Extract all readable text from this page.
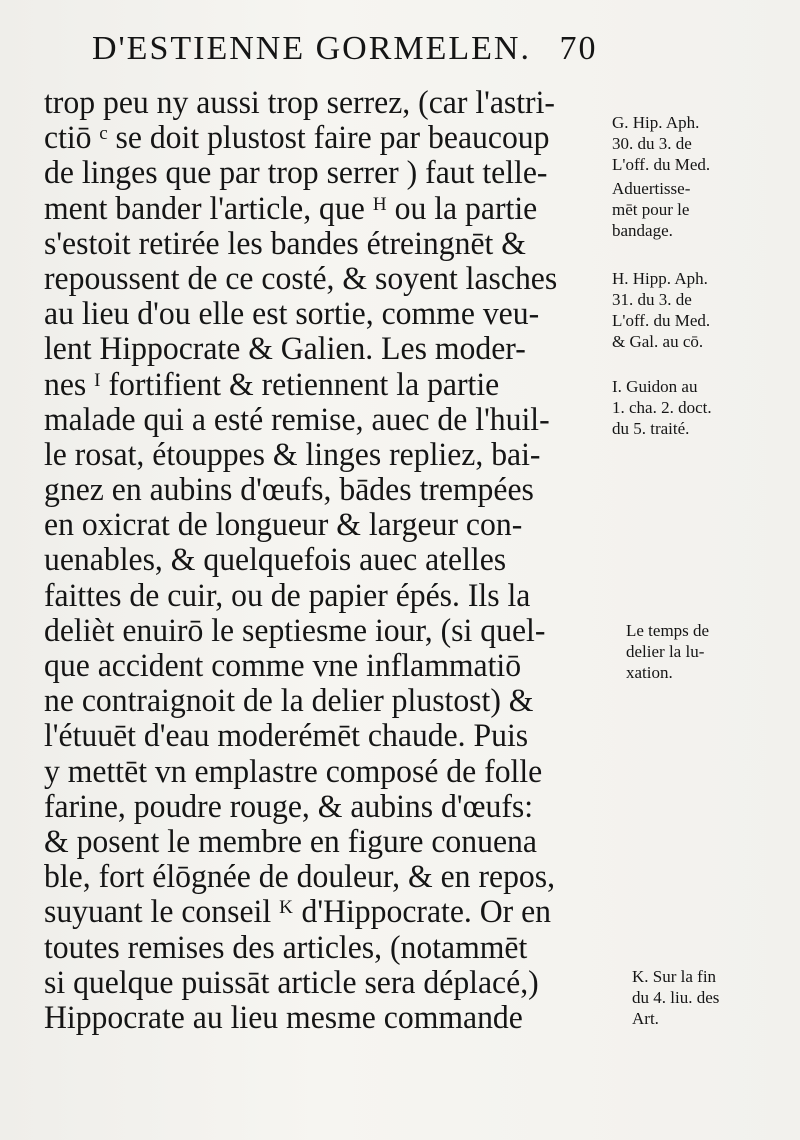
D'ESTIENNE GORMELEN. 70
trop peu ny aussi trop serrez, (car l'astri-
ctiō ᶜ se doit plustost faire par beaucoup
de linges que par trop serrer ) faut telle-
ment bander l'article, que ᴴ ou la partie
s'estoit retirée les bandes étreingnēt &
repoussent de ce costé, & soyent lasches
au lieu d'ou elle est sortie, comme veu-
lent Hippocrate & Galien. Les moder-
nes ᴵ fortifient & retiennent la partie
malade qui a esté remise, auec de l'huil-
le rosat, étouppes & linges repliez, bai-
gnez en aubins d'œufs, bādes trempées
en oxicrat de longueur & largeur con-
uenables, & quelquefois auec atelles
faittes de cuir, ou de papier épés. Ils la
delièt enuirō le septiesme iour, (si quel-
que accident comme vne inflammatiō
ne contraignoit de la delier plustost) &
l'étuuēt d'eau moderémēt chaude. Puis
y mettēt vn emplastre composé de folle
farine, poudre rouge, & aubins d'œufs:
& posent le membre en figure conuena
ble, fort élōgnée de douleur, & en repos,
suyuant le conseil ᴷ d'Hippocrate. Or en
toutes remises des articles, (notammēt
si quelque puissāt article sera déplacé,)
Hippocrate au lieu mesme commande
G. Hip. Aph.
30. du 3. de
L'off. du Med.
Aduertisse-
mēt pour le
bandage.
H. Hipp. Aph.
31. du 3. de
L'off. du Med.
& Gal. au cō.
I. Guidon au
1. cha. 2. doct.
du 5. traité.
Le temps de
delier la lu-
xation.
K. Sur la fin
du 4. liu. des
Art.
